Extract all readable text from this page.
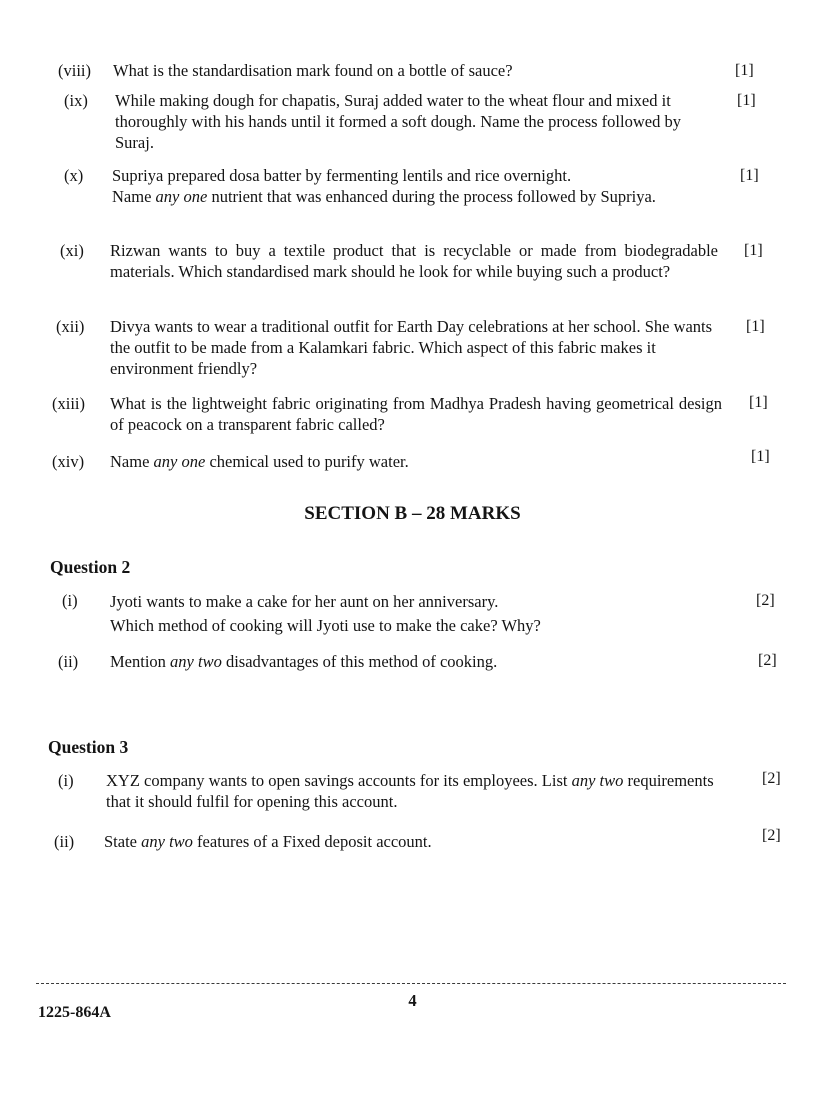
(viii)	What is the standardisation mark found on a bottle of sauce?	[1]
(ix)	While making dough for chapatis, Suraj added water to the wheat flour and mixed it thoroughly with his hands until it formed a soft dough. Name the process followed by Suraj.
[1]
(x)	Supriya prepared dosa batter by fermenting lentils and rice overnight.
Name any one nutrient that was enhanced during the process followed by Supriya.
[1]
(xi)	Rizwan wants to buy a textile product that is recyclable or made from biodegradable materials. Which standardised mark should he look for while buying such a product?
[1]
(xii)	Divya wants to wear a traditional outfit for Earth Day celebrations at her school. She wants the outfit to be made from a Kalamkari fabric. Which aspect of this fabric makes it environment friendly?
[1]
(xiii)	What is the lightweight fabric originating from Madhya Pradesh having geometrical design of peacock on a transparent fabric called?
[1]
(xiv)	Name any one chemical used to purify water.	[1]
SECTION B – 28 MARKS
Question 2
(i)	Jyoti wants to make a cake for her aunt on her anniversary.
Which method of cooking will Jyoti use to make the cake? Why?
[2]
(ii)	Mention any two disadvantages of this method of cooking.	[2]
Question 3
(i)	XYZ company wants to open savings accounts for its employees. List any two requirements that it should fulfil for opening this account.
[2]
(ii)	State any two features of a Fixed deposit account.	[2]
4
1225-864A
